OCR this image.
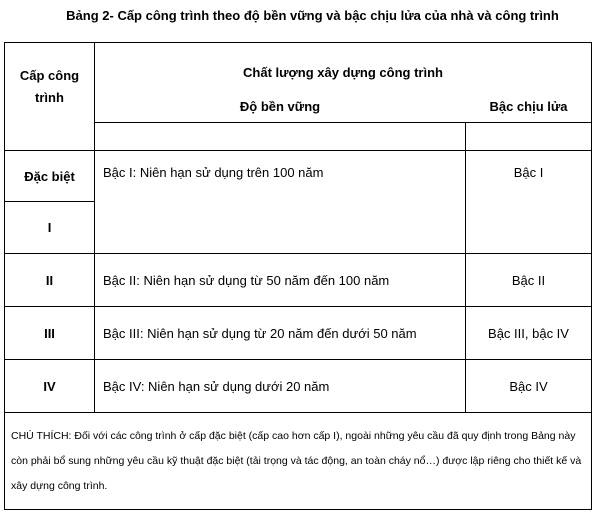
Bảng 2- Cấp công trình theo độ bền vững và bậc chịu lửa của nhà và công trình
Cấp công trình	Chất lượng xây dựng công trình	
	Độ bền vững	Bậc chịu lửa
Đặc biệt	Bậc I: Niên hạn sử dụng trên 100 năm	Bậc I
I		
II	Bậc II: Niên hạn sử dụng từ 50 năm đến 100 năm	Bậc II
III	Bậc III: Niên hạn sử dụng từ 20 năm đến dưới 50 năm	Bậc III, bậc IV
IV	Bậc IV: Niên hạn sử dụng dưới 20 năm	Bậc IV
CHÚ THÍCH: Đối với các công trình ở cấp đặc biệt (cấp cao hơn cấp I), ngoài những yêu cầu đã quy định trong Bảng này còn phải bổ sung những yêu cầu kỹ thuật đặc biệt (tải trọng và tác động, an toàn cháy nổ…) được lập riêng cho thiết kế và xây dựng công trình.		
